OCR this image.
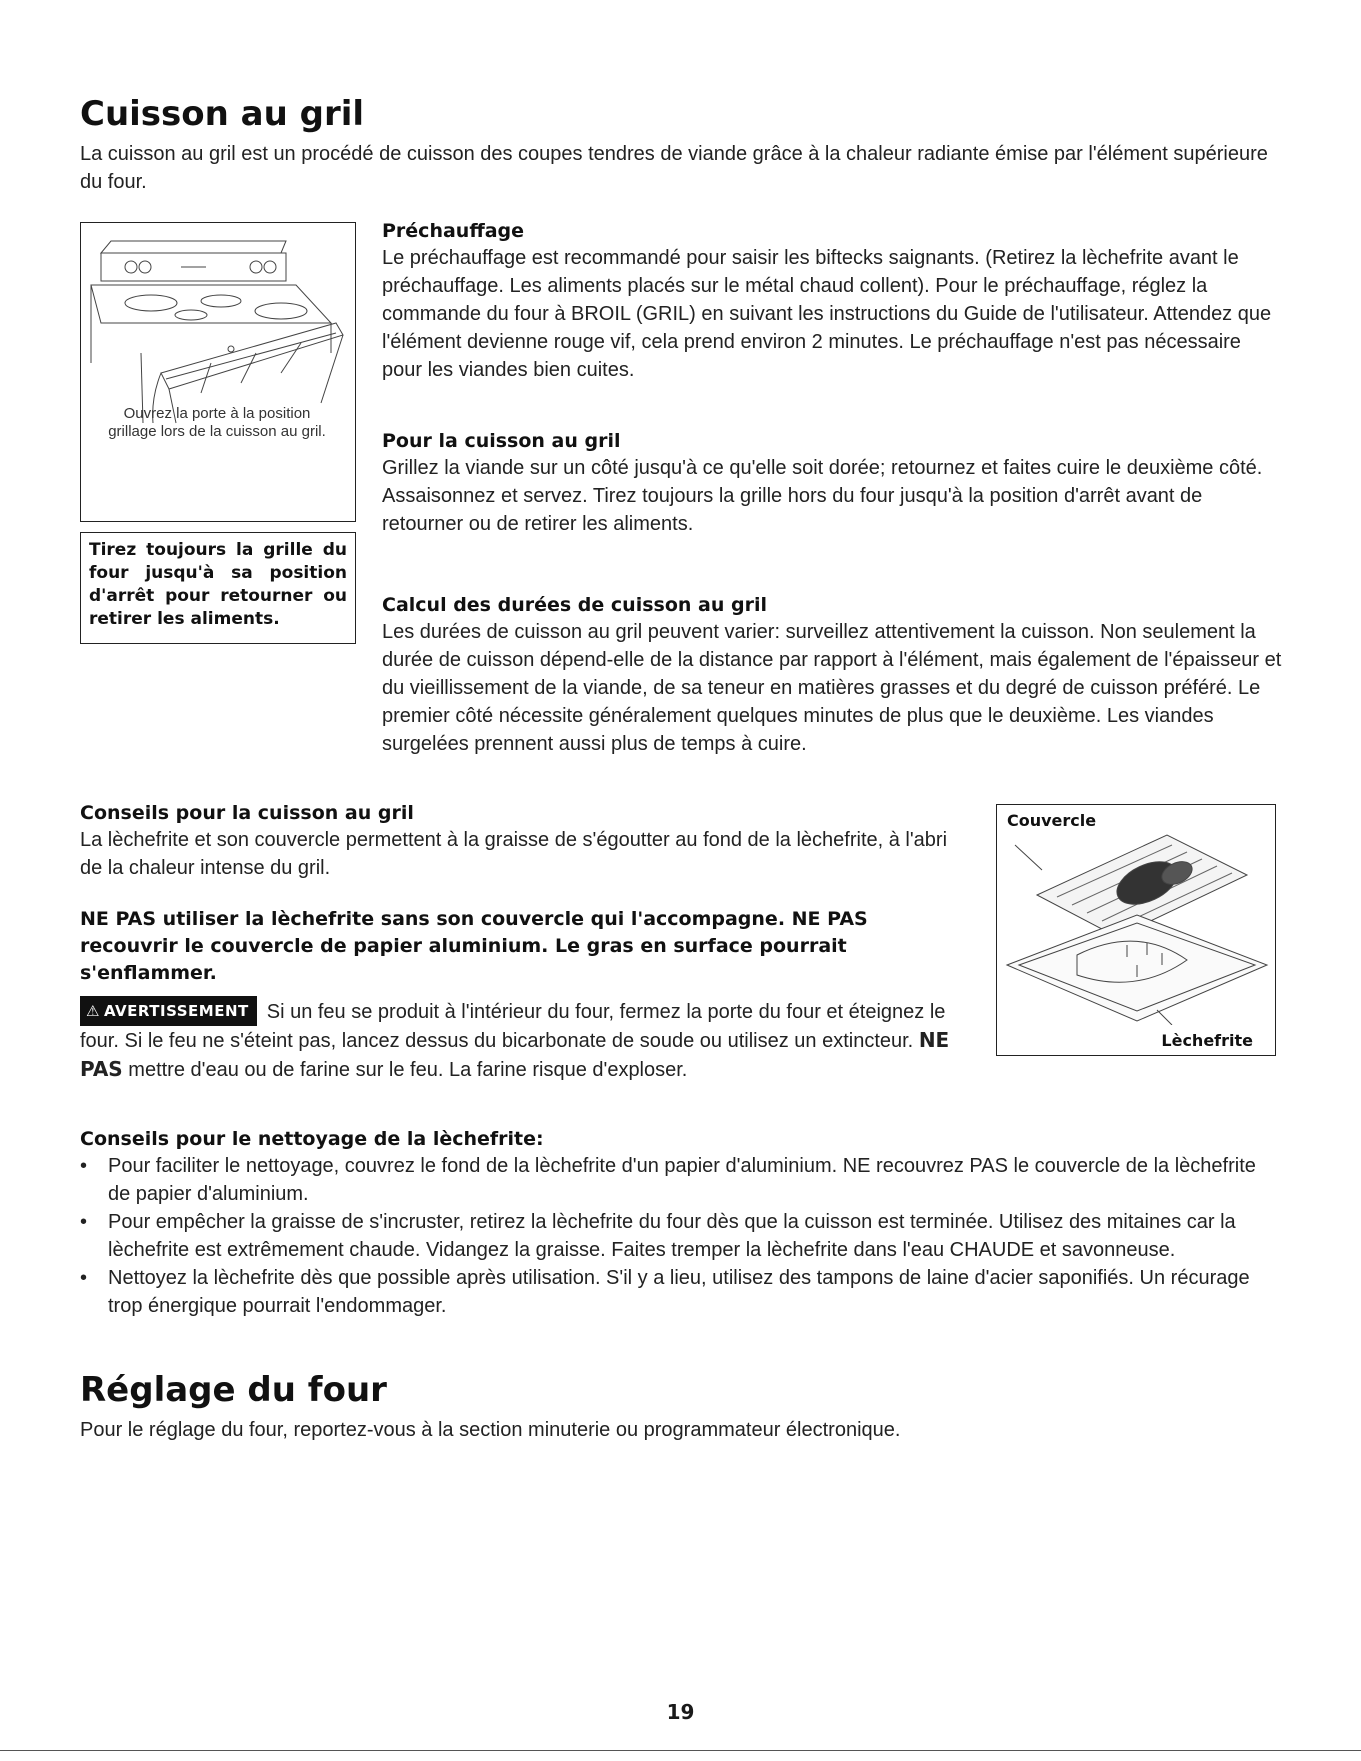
Cuisson au gril

La cuisson au gril est un procédé de cuisson des coupes tendres de viande grâce à la chaleur radiante émise par l'élément supérieure du four.

Ouvrez la porte à la position grillage lors de la cuisson au gril.
Tirez toujours la grille du four jusqu'à sa position d'arrêt pour retourner ou retirer les aliments.
Préchauffage

Le préchauffage est recommandé pour saisir les biftecks saignants. (Retirez la lèchefrite avant le préchauffage. Les aliments placés sur le métal chaud collent). Pour le préchauffage, réglez la commande du four à BROIL (GRIL) en suivant les instructions du Guide de l'utilisateur. Attendez que l'élément devienne rouge vif, cela prend environ 2 minutes. Le préchauffage n'est pas nécessaire pour les viandes bien cuites.

Pour la cuisson au gril

Grillez la viande sur un côté jusqu'à ce qu'elle soit dorée; retournez et faites cuire le deuxième côté. Assaisonnez et servez. Tirez toujours la grille hors du four jusqu'à la position d'arrêt avant de retourner ou de retirer les aliments.

Calcul des durées de cuisson au gril

Les durées de cuisson au gril peuvent varier: surveillez attentivement la cuisson. Non seulement la durée de cuisson dépend-elle de la distance par rapport à l'élément, mais également de l'épaisseur et du vieillissement de la viande, de sa teneur en matières grasses et du degré de cuisson préféré. Le premier côté nécessite généralement quelques minutes de plus que le deuxième. Les viandes surgelées prennent aussi plus de temps à cuire.

Conseils pour la cuisson au gril

La lèchefrite et son couvercle permettent à la graisse de s'égoutter au fond de la lèchefrite, à l'abri de la chaleur intense du gril.

NE PAS utiliser la lèchefrite sans son couvercle qui l'accompagne. NE PAS recouvrir le couvercle de papier aluminium. Le gras en surface pourrait s'enflammer.

⚠ AVERTISSEMENT Si un feu se produit à l'intérieur du four, fermez la porte du four et éteignez le four. Si le feu ne s'éteint pas, lancez dessus du bicarbonate de soude ou utilisez un extincteur. NE PAS mettre d'eau ou de farine sur le feu. La farine risque d'exploser.

Couvercle
Lèchefrite
Conseils pour le nettoyage de la lèchefrite:
• Pour faciliter le nettoyage, couvrez le fond de la lèchefrite d'un papier d'aluminium. NE recouvrez PAS le couvercle de la lèchefrite de papier d'aluminium.
• Pour empêcher la graisse de s'incruster, retirez la lèchefrite du four dès que la cuisson est terminée. Utilisez des mitaines car la lèchefrite est extrêmement chaude. Vidangez la graisse. Faites tremper la lèchefrite dans l'eau CHAUDE et savonneuse.
• Nettoyez la lèchefrite dès que possible après utilisation. S'il y a lieu, utilisez des tampons de laine d'acier saponifiés. Un récurage trop énergique pourrait l'endommager.
Réglage du four

Pour le réglage du four, reportez-vous à la section minuterie ou programmateur électronique.

19
